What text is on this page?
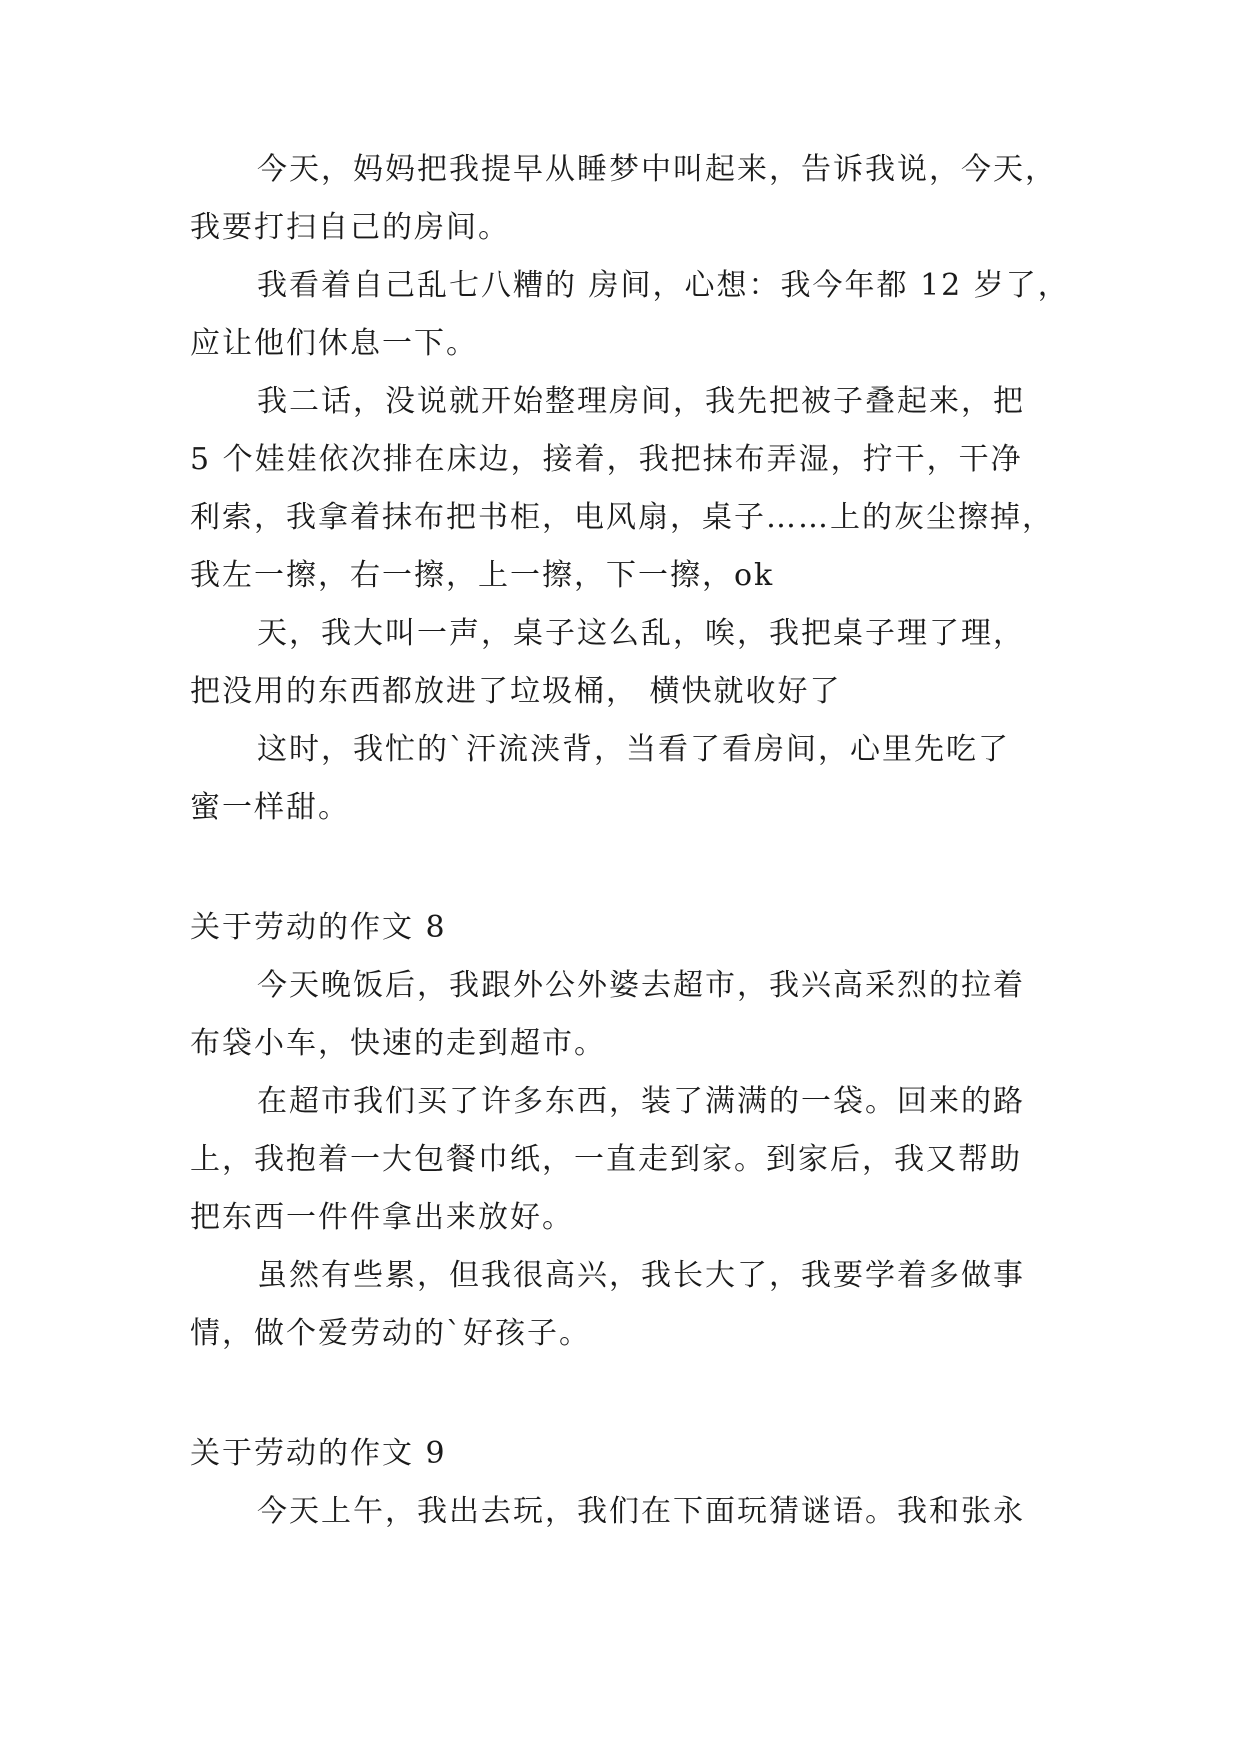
今天，妈妈把我提早从睡梦中叫起来，告诉我说，今天，
我要打扫自己的房间。
我看着自己乱七八糟的 房间，心想：我今年都 12 岁了，
应让他们休息一下。
我二话，没说就开始整理房间，我先把被子叠起来，把
5 个娃娃依次排在床边，接着，我把抹布弄湿，拧干，干净
利索，我拿着抹布把书柜，电风扇，桌子……上的灰尘擦掉，
我左一擦，右一擦，上一擦，下一擦，ok
天，我大叫一声，桌子这么乱，唉，我把桌子理了理，
把没用的东西都放进了垃圾桶， 横快就收好了
这时，我忙的`汗流浃背，当看了看房间，心里先吃了
蜜一样甜。
关于劳动的作文 8
今天晚饭后，我跟外公外婆去超市，我兴高采烈的拉着
布袋小车，快速的走到超市。
在超市我们买了许多东西，装了满满的一袋。回来的路
上，我抱着一大包餐巾纸，一直走到家。到家后，我又帮助
把东西一件件拿出来放好。
虽然有些累，但我很高兴，我长大了，我要学着多做事
情，做个爱劳动的`好孩子。
关于劳动的作文 9
今天上午，我出去玩，我们在下面玩猜谜语。我和张永
